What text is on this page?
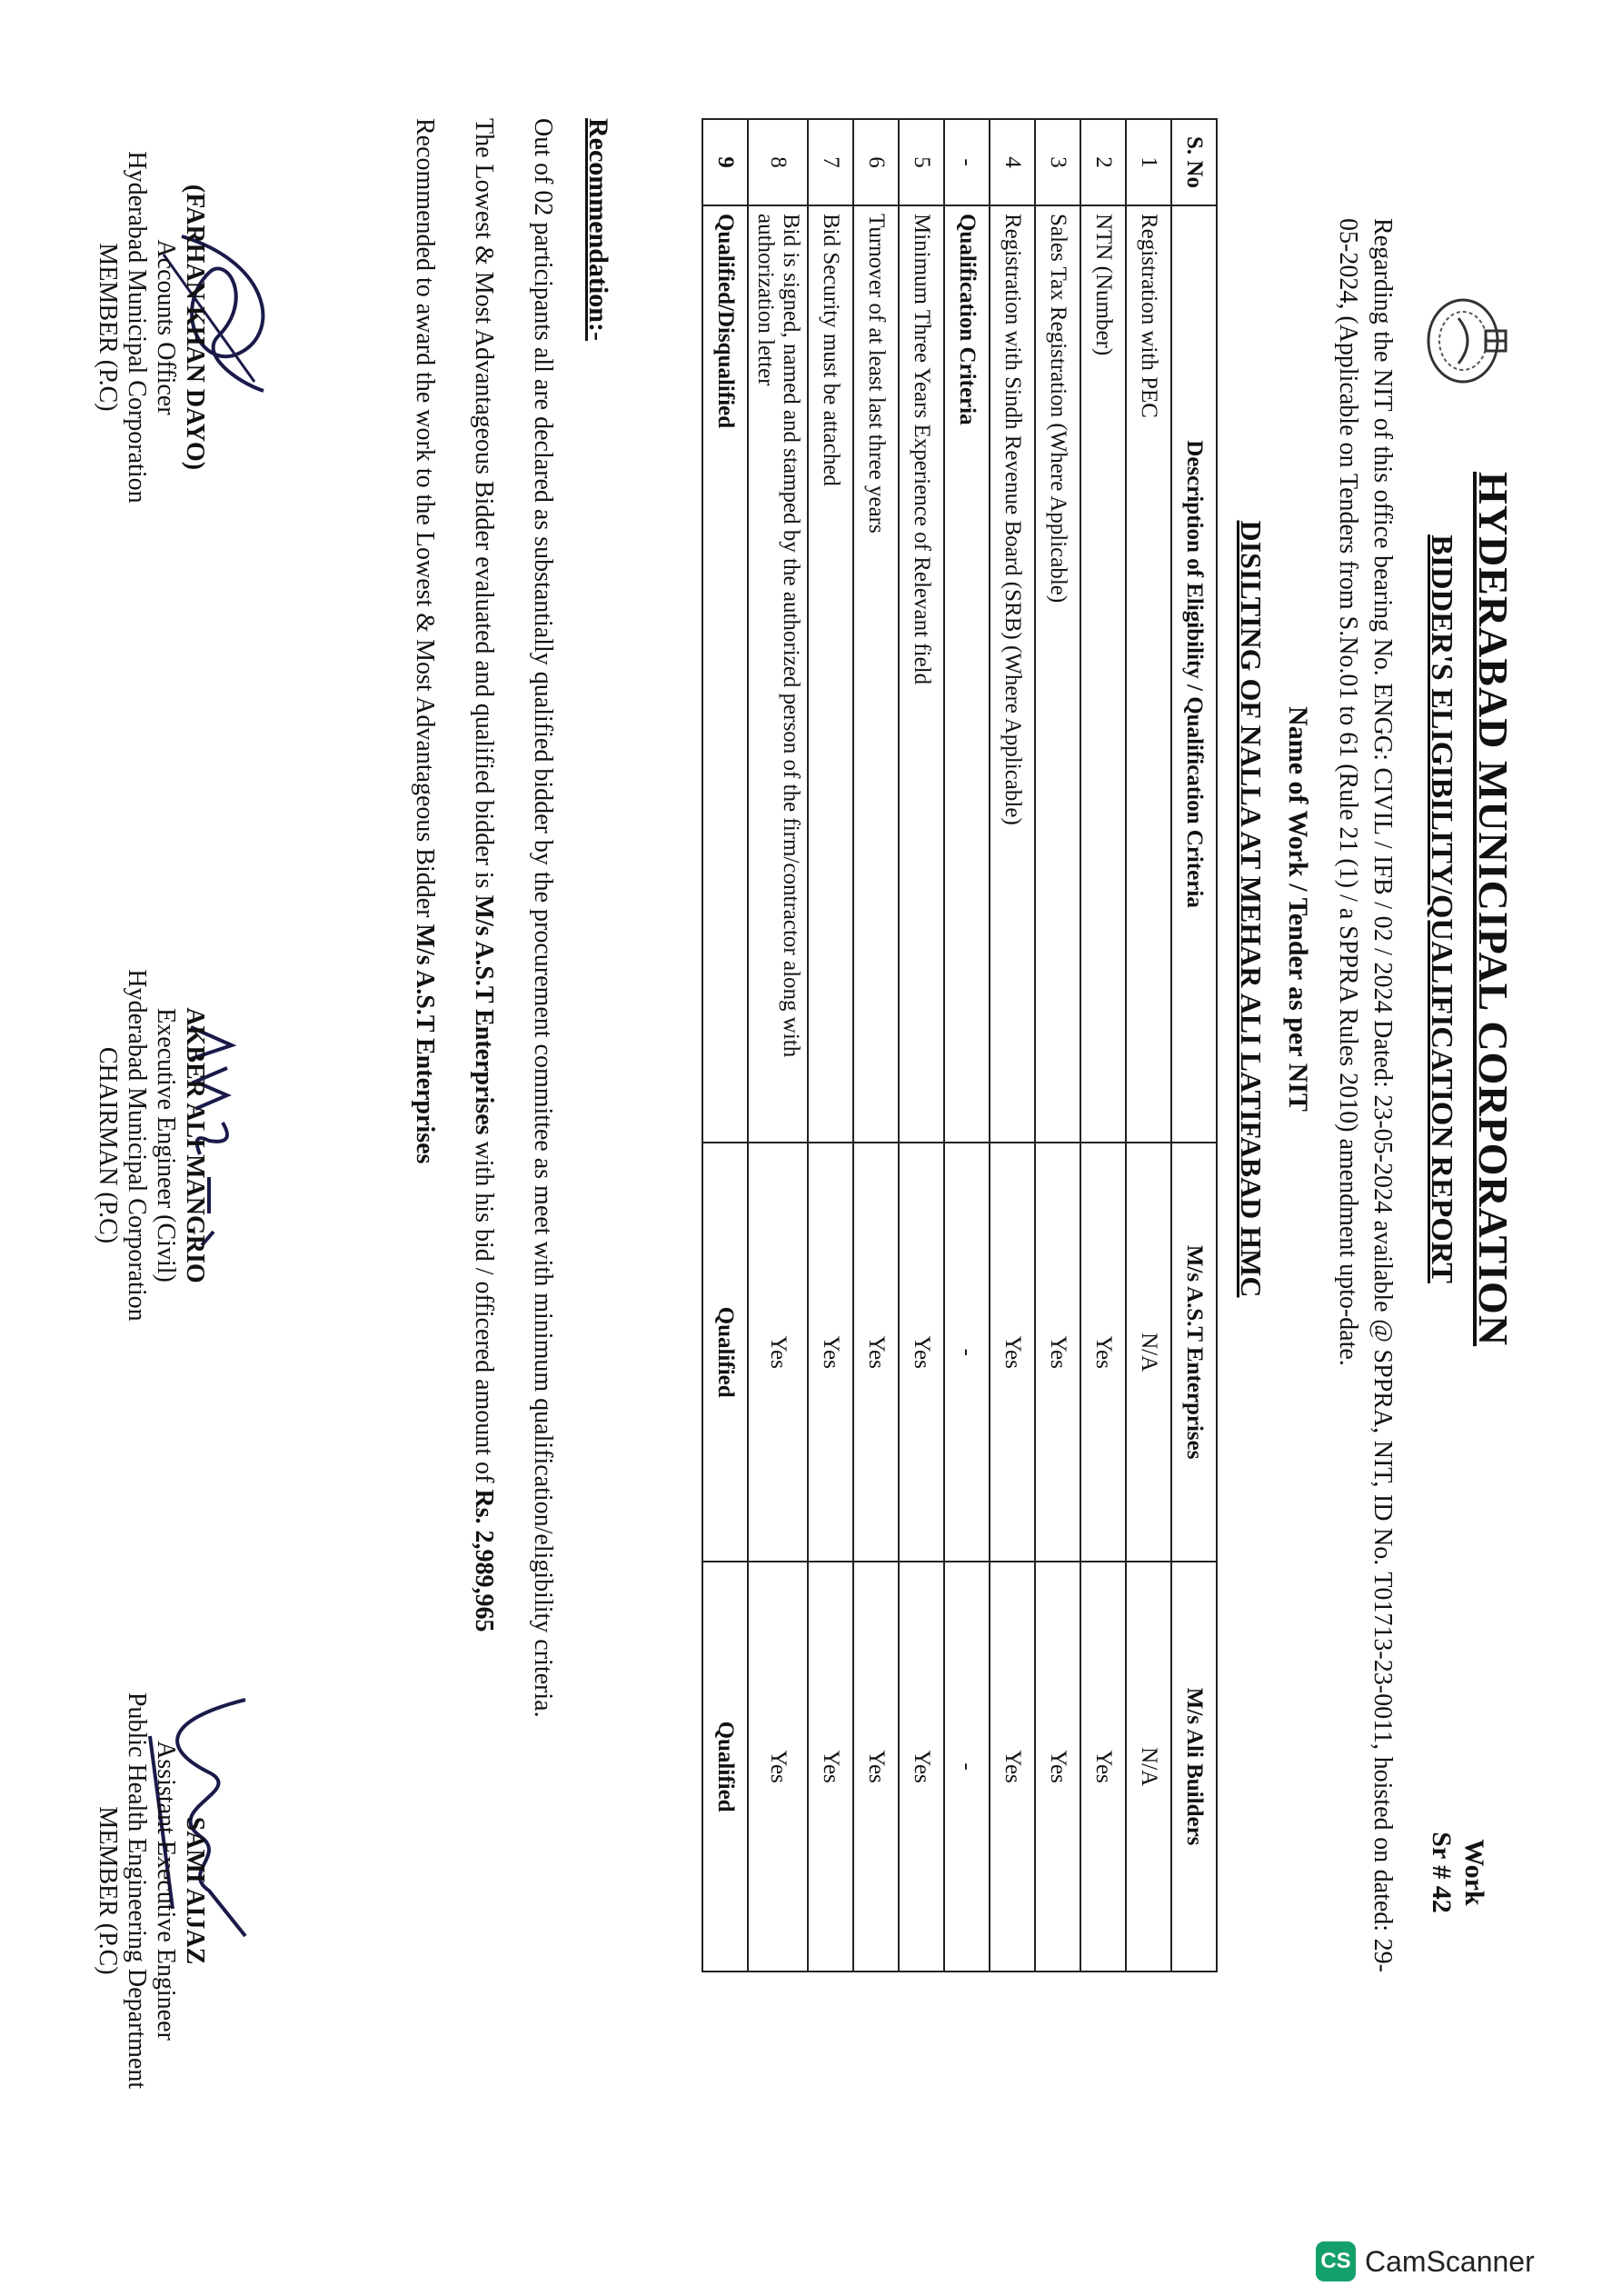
HYDERABAD MUNICIPAL CORPORATION
BIDDER'S ELIGIBILITY/QUALIFICATION REPORT
Work
Sr # 42
Regarding the NIT of this office bearing No. ENGG: CIVIL / IFB / 02 / 2024 Dated: 23-05-2024 available @ SPPRA, NIT, ID No. T01713-23-0011, hoisted on dated: 29-05-2024, (Applicable on Tenders from S.No.01 to 61 (Rule 21 (1) / a SPPRA Rules 2010) amendment upto-date.
Name of Work / Tender as per NIT
DISILTING OF NALLA AT MEHAR ALI LATIFABAD HMC
S. No	Description of Eligibility / Qualification Criteria	M/s A.S.T Enterprises	M/s Ali Builders
1	Registration with PEC	N/A	N/A
2	NTN (Number)	Yes	Yes
3	Sales Tax Registration (Where Applicable)	Yes	Yes
4	Registration with Sindh Revenue Board (SRB) (Where Applicable)	Yes	Yes
-	Qualification Criteria	-	-
5	Minimum Three Years Experience of Relevant field	Yes	Yes
6	Turnover of at least last three years	Yes	Yes
7	Bid Security must be attached	Yes	Yes
8	Bid is signed, named and stamped by the authorized person of the firm/contractor along with authorization letter	Yes	Yes
9	Qualified/Disqualified	Qualified	Qualified
Recommendation:-
Out of 02 participants all are declared as substantially qualified bidder by the procurement committee as meet with minimum qualification/eligibility criteria.
The Lowest & Most Advantageous Bidder evaluated and qualified bidder is M/s A.S.T Enterprises with his bid / officered amount of Rs. 2,989,965
Recommended to award the work to the Lowest & Most Advantageous Bidder M/s A.S.T Enterprises
(FARHAN KHAN DAYO)
Accounts Officer
Hyderabad Municipal Corporation
MEMBER (P.C)
AKBER ALI MANGRIO
Executive Engineer (Civil)
Hyderabad Municipal Corporation
CHAIRMAN (P.C)
SAMI AIJAZ
Assistant Executive Engineer
Public Health Engineering Department
MEMBER (P.C)
CS CamScanner
